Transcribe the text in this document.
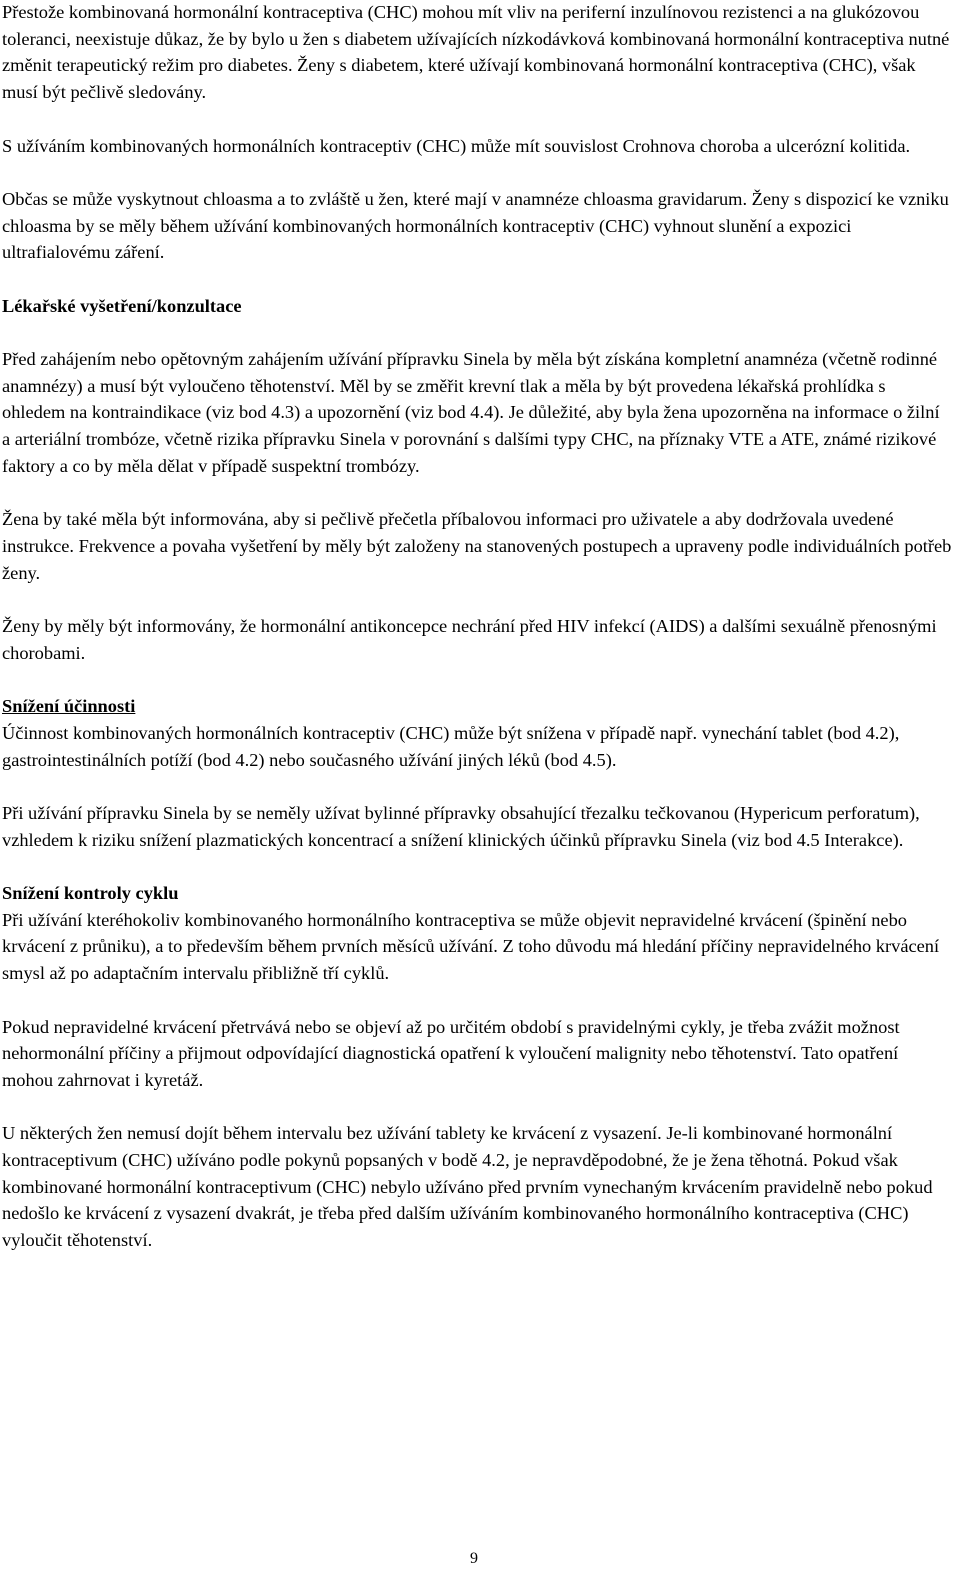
Přestože kombinovaná hormonální kontraceptiva (CHC) mohou mít vliv na periferní inzulínovou rezistenci a na glukózovou toleranci, neexistuje důkaz, že by bylo u žen s diabetem užívajících nízkodávková kombinovaná hormonální kontraceptiva nutné změnit terapeutický režim pro diabetes. Ženy s diabetem, které užívají kombinovaná hormonální kontraceptiva (CHC), však musí být pečlivě sledovány.

S užíváním kombinovaných hormonálních kontraceptiv (CHC) může mít souvislost Crohnova choroba a ulcerózní kolitida.

Občas se může vyskytnout chloasma a to zvláště u žen, které mají v anamnéze chloasma gravidarum. Ženy s dispozicí ke vzniku chloasma by se měly během užívání kombinovaných hormonálních kontraceptiv (CHC) vyhnout slunění a expozici ultrafialovému záření.

Lékařské vyšetření/konzultace

Před zahájením nebo opětovným zahájením užívání přípravku Sinela by měla být získána kompletní anamnéza (včetně rodinné anamnézy) a musí být vyloučeno těhotenství. Měl by se změřit krevní tlak a měla by být provedena lékařská prohlídka s ohledem na kontraindikace (viz bod 4.3) a upozornění (viz bod 4.4). Je důležité, aby byla žena upozorněna na informace o žilní a arteriální trombóze, včetně rizika přípravku Sinela v porovnání s dalšími typy CHC, na příznaky VTE a ATE, známé rizikové faktory a co by měla dělat v případě suspektní trombózy.

Žena by také měla být informována, aby si pečlivě přečetla příbalovou informaci pro uživatele a aby dodržovala uvedené instrukce. Frekvence a povaha vyšetření by měly být založeny na stanovených postupech a upraveny podle individuálních potřeb ženy.

Ženy by měly být informovány, že hormonální antikoncepce nechrání před HIV infekcí (AIDS) a dalšími sexuálně přenosnými chorobami.

Snížení účinnosti

Účinnost kombinovaných hormonálních kontraceptiv (CHC) může být snížena v případě např. vynechání tablet (bod 4.2), gastrointestinálních potíží (bod 4.2) nebo současného užívání jiných léků (bod 4.5).

Při užívání přípravku Sinela by se neměly užívat bylinné přípravky obsahující třezalku tečkovanou (Hypericum perforatum), vzhledem k riziku snížení plazmatických koncentrací a snížení klinických účinků přípravku Sinela (viz bod 4.5 Interakce).

Snížení kontroly cyklu

Při užívání kteréhokoliv kombinovaného hormonálního kontraceptiva se může objevit nepravidelné krvácení (špinění nebo krvácení z průniku), a to především během prvních měsíců užívání. Z toho důvodu má hledání příčiny nepravidelného krvácení smysl až po adaptačním intervalu přibližně tří cyklů.

Pokud nepravidelné krvácení přetrvává nebo se objeví až po určitém období s pravidelnými cykly, je třeba zvážit možnost nehormonální příčiny a přijmout odpovídající diagnostická opatření k vyloučení malignity nebo těhotenství. Tato opatření mohou zahrnovat i kyretáž.

U některých žen nemusí dojít během intervalu bez užívání tablety ke krvácení z vysazení. Je-li kombinované hormonální kontraceptivum (CHC) užíváno podle pokynů popsaných v bodě 4.2, je nepravděpodobné, že je žena těhotná. Pokud však kombinované hormonální kontraceptivum (CHC) nebylo užíváno před prvním vynechaným krvácením pravidelně nebo pokud nedošlo ke krvácení z vysazení dvakrát, je třeba před dalším užíváním kombinovaného hormonálního kontraceptiva (CHC) vyloučit těhotenství.

9
